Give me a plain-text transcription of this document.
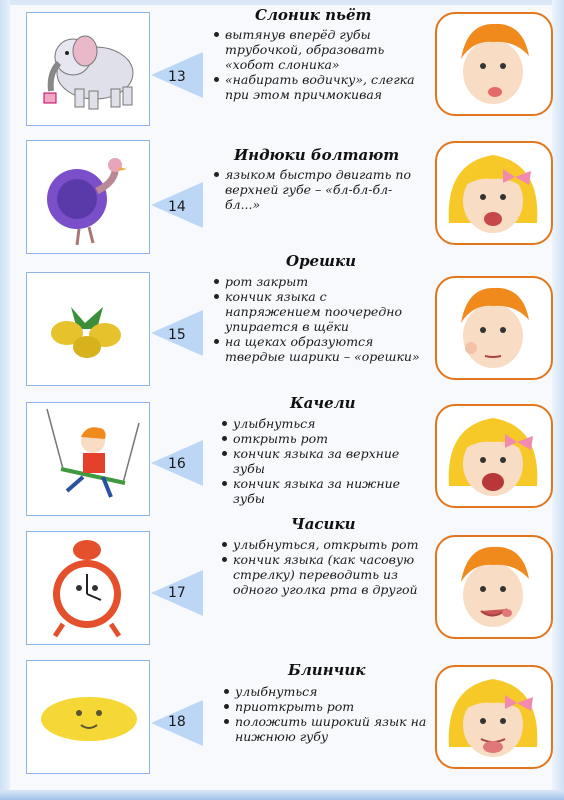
13
Слоник пьёт
вытянув вперёд губы трубочкой, образовать «хобот слоника»
«набирать водичку», слегка при этом причмокивая
14
Индюки болтают
языком быстро двигать по верхней губе – «бл-бл-бл-бл...»
15
Орешки
рот закрыт
кончик языка с напряжением поочередно упирается в щёки
на щеках образуются твердые шарики – «орешки»
16
Качели
улыбнуться
открыть рот
кончик языка за верхние зубы
кончик языка за нижние зубы
17
Часики
улыбнуться, открыть рот
кончик языка (как часовую стрелку) переводить из одного уголка рта в другой
18
Блинчик
улыбнуться
приоткрыть рот
положить широкий язык на нижнюю губу
